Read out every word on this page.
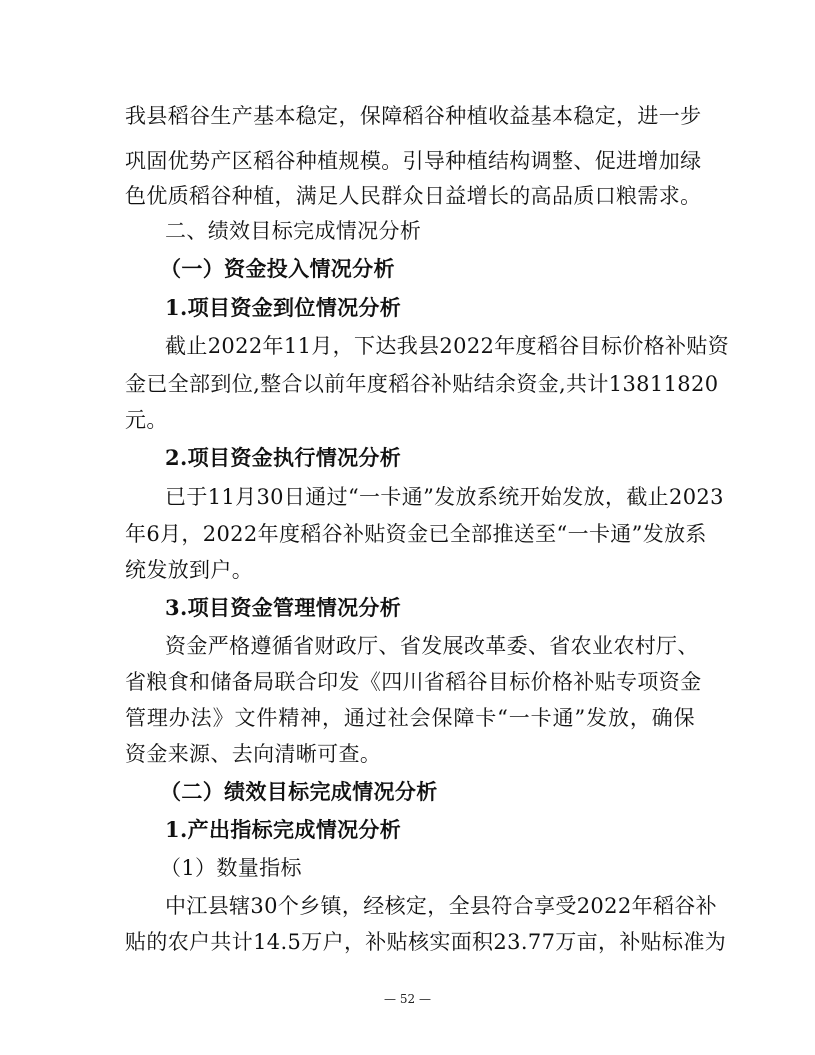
我县稻谷生产基本稳定，保障稻谷种植收益基本稳定，进一步
巩固优势产区稻谷种植规模。引导种植结构调整、促进增加绿
色优质稻谷种植，满足人民群众日益增长的高品质口粮需求。
二、绩效目标完成情况分析
（一）资金投入情况分析
1.项目资金到位情况分析
截止2022年11月，下达我县2022年度稻谷目标价格补贴资
金已全部到位,整合以前年度稻谷补贴结余资金,共计13811820
元。
2.项目资金执行情况分析
已于11月30日通过“一卡通”发放系统开始发放，截止2023
年6月，2022年度稻谷补贴资金已全部推送至“一卡通”发放系
统发放到户。
3.项目资金管理情况分析
资金严格遵循省财政厅、省发展改革委、省农业农村厅、
省粮食和储备局联合印发《四川省稻谷目标价格补贴专项资金
管理办法》文件精神，通过社会保障卡“一卡通”发放，确保
资金来源、去向清晰可查。
（二）绩效目标完成情况分析
1.产出指标完成情况分析
（1）数量指标
中江县辖30个乡镇，经核定，全县符合享受2022年稻谷补
贴的农户共计14.5万户，补贴核实面积23.77万亩，补贴标准为
— 52 —
